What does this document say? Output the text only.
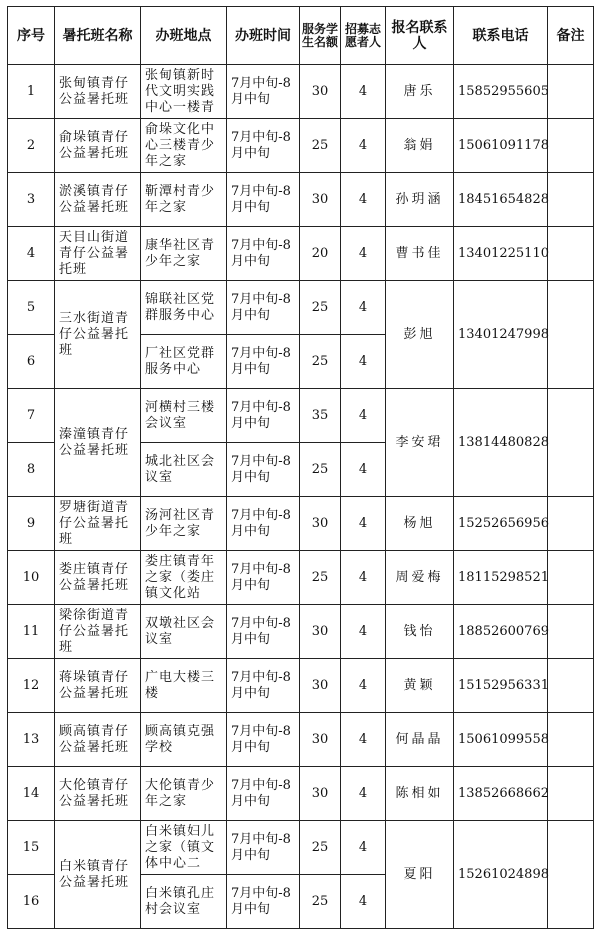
序号	暑托班名称	办班地点	办班时间	服务学生名额	招募志愿者人	报名联系人	联系电话	备注
1	张甸镇青仔公益暑托班	张甸镇新时代文明实践中心一楼青	7月中旬-8月中旬	30	4	唐乐	15852955605	
2	俞垛镇青仔公益暑托班	俞垛文化中心三楼青少年之家	7月中旬-8月中旬	25	4	翁娟	15061091178	
3	淤溪镇青仔公益暑托班	靳潭村青少年之家	7月中旬-8月中旬	30	4	孙玥涵	18451654828	
4	天目山街道青仔公益暑托班	康华社区青少年之家	7月中旬-8月中旬	20	4	曹书佳	13401225110	
5	三水街道青仔公益暑托班	锦联社区党群服务中心	7月中旬-8月中旬	25	4	彭旭	13401247998	
6		厂社区党群服务中心	7月中旬-8月中旬	25	4			
7	溱潼镇青仔公益暑托班	河横村三楼会议室	7月中旬-8月中旬	35	4	李安珺	13814480828	
8		城北社区会议室	7月中旬-8月中旬	25	4			
9	罗塘街道青仔公益暑托班	汤河社区青少年之家	7月中旬-8月中旬	30	4	杨旭	15252656956	
10	娄庄镇青仔公益暑托班	娄庄镇青年之家（娄庄镇文化站	7月中旬-8月中旬	25	4	周爱梅	18115298521	
11	梁徐街道青仔公益暑托班	双墩社区会议室	7月中旬-8月中旬	30	4	钱怡	18852600769	
12	蒋垛镇青仔公益暑托班	广电大楼三楼	7月中旬-8月中旬	30	4	黄颖	15152956331	
13	顾高镇青仔公益暑托班	顾高镇克强学校	7月中旬-8月中旬	30	4	何晶晶	15061099558	
14	大伦镇青仔公益暑托班	大伦镇青少年之家	7月中旬-8月中旬	30	4	陈相如	13852668662	
15	白米镇青仔公益暑托班	白米镇妇儿之家（镇文体中心二	7月中旬-8月中旬	25	4	夏阳	15261024898	
16		白米镇孔庄村会议室	7月中旬-8月中旬	25	4			
